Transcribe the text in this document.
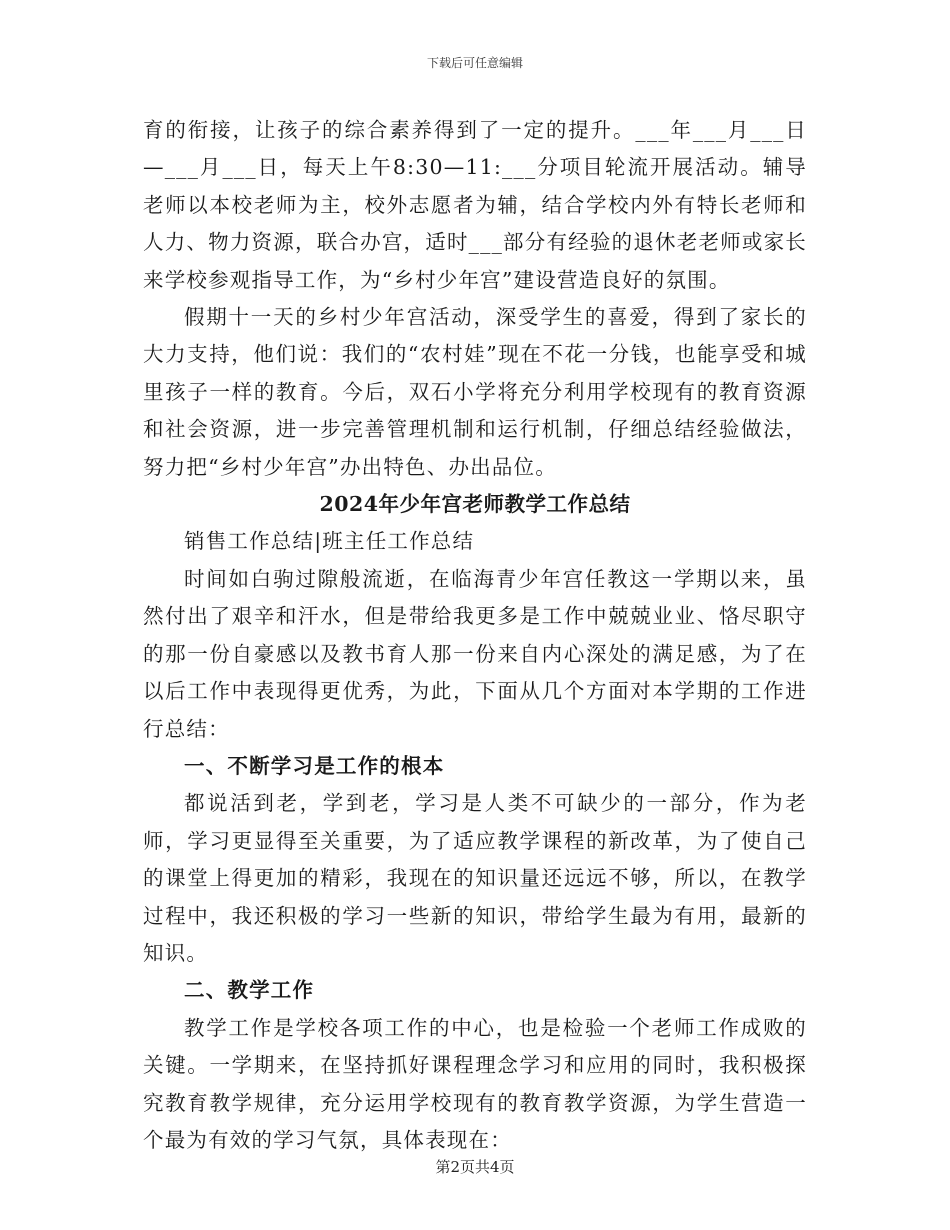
下载后可任意编辑

育的衔接，让孩子的综合素养得到了一定的提升。___年___月___日—___月___日，每天上午8:30—11:___分项目轮流开展活动。辅导老师以本校老师为主，校外志愿者为辅，结合学校内外有特长老师和人力、物力资源，联合办宫，适时___部分有经验的退休老老师或家长来学校参观指导工作，为“乡村少年宫”建设营造良好的氛围。

假期十一天的乡村少年宫活动，深受学生的喜爱，得到了家长的大力支持，他们说：我们的“农村娃”现在不花一分钱，也能享受和城里孩子一样的教育。今后，双石小学将充分利用学校现有的教育资源和社会资源，进一步完善管理机制和运行机制，仔细总结经验做法，努力把“乡村少年宫”办出特色、办出品位。

2024年少年宫老师教学工作总结

销售工作总结|班主任工作总结

时间如白驹过隙般流逝，在临海青少年宫任教这一学期以来，虽然付出了艰辛和汗水，但是带给我更多是工作中兢兢业业、恪尽职守的那一份自豪感以及教书育人那一份来自内心深处的满足感，为了在以后工作中表现得更优秀，为此，下面从几个方面对本学期的工作进行总结：

一、不断学习是工作的根本

都说活到老，学到老，学习是人类不可缺少的一部分，作为老师，学习更显得至关重要，为了适应教学课程的新改革，为了使自己的课堂上得更加的精彩，我现在的知识量还远远不够，所以，在教学过程中，我还积极的学习一些新的知识，带给学生最为有用，最新的知识。

二、教学工作

教学工作是学校各项工作的中心，也是检验一个老师工作成败的关键。一学期来，在坚持抓好课程理念学习和应用的同时，我积极探究教育教学规律，充分运用学校现有的教育教学资源，为学生营造一个最为有效的学习气氛，具体表现在：

第2页共4页
